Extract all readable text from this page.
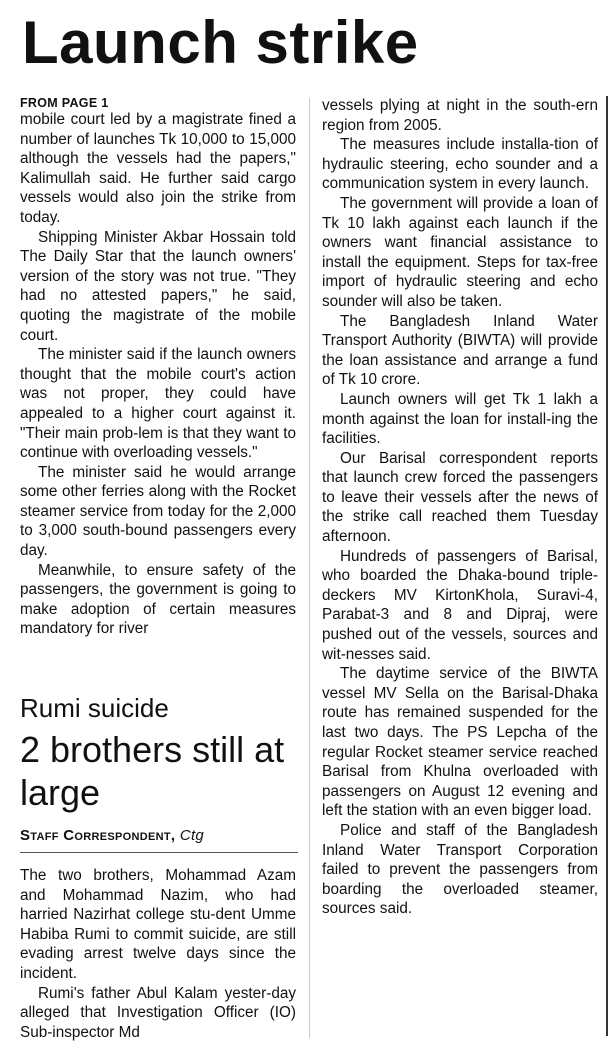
Launch strike
FROM PAGE 1

mobile court led by a magistrate fined a number of launches Tk 10,000 to 15,000 although the vessels had the papers," Kalimullah said. He further said cargo vessels would also join the strike from today.

Shipping Minister Akbar Hossain told The Daily Star that the launch owners' version of the story was not true. "They had no attested papers," he said, quoting the magistrate of the mobile court.

The minister said if the launch owners thought that the mobile court's action was not proper, they could have appealed to a higher court against it. "Their main prob-lem is that they want to continue with overloading vessels."

The minister said he would arrange some other ferries along with the Rocket steamer service from today for the 2,000 to 3,000 south-bound passengers every day.

Meanwhile, to ensure safety of the passengers, the government is going to make adoption of certain measures mandatory for river

vessels plying at night in the south-ern region from 2005.

The measures include installa-tion of hydraulic steering, echo sounder and a communication system in every launch.

The government will provide a loan of Tk 10 lakh against each launch if the owners want financial assistance to install the equipment. Steps for tax-free import of hydraulic steering and echo sounder will also be taken.

The Bangladesh Inland Water Transport Authority (BIWTA) will provide the loan assistance and arrange a fund of Tk 10 crore.

Launch owners will get Tk 1 lakh a month against the loan for install-ing the facilities.

Our Barisal correspondent reports that launch crew forced the passengers to leave their vessels after the news of the strike call reached them Tuesday afternoon.

Hundreds of passengers of Barisal, who boarded the Dhaka-bound triple-deckers MV KirtonKhola, Suravi-4, Parabat-3 and 8 and Dipraj, were pushed out of the vessels, sources and wit-nesses said.

The daytime service of the BIWTA vessel MV Sella on the Barisal-Dhaka route has remained suspended for the last two days. The PS Lepcha of the regular Rocket steamer service reached Barisal from Khulna overloaded with passengers on August 12 evening and left the station with an even bigger load.

Police and staff of the Bangladesh Inland Water Transport Corporation failed to prevent the passengers from boarding the overloaded steamer, sources said.

Rumi suicide
2 brothers still at large
Staff Correspondent, Ctg

The two brothers, Mohammad Azam and Mohammad Nazim, who had harried Nazirhat college stu-dent Umme Habiba Rumi to commit suicide, are still evading arrest twelve days since the incident.

Rumi's father Abul Kalam yester-day alleged that Investigation Officer (IO) Sub-inspector Md
